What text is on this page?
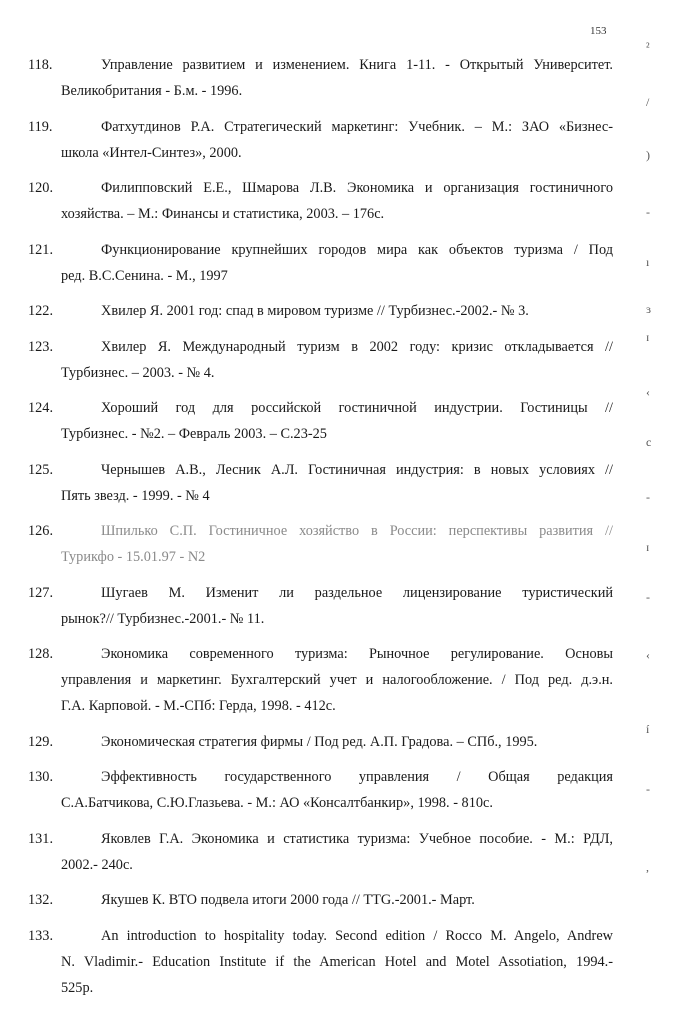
153
118.	Управление развитием и изменением. Книга 1-11. - Открытый Университет.
Великобритания - Б.м. - 1996.
119.	Фатхутдинов Р.А. Стратегический маркетинг: Учебник. – М.: ЗАО «Бизнес-
школа «Интел-Синтез», 2000.
120.	Филипповский Е.Е., Шмарова Л.В. Экономика и организация гостиничного
хозяйства. – М.: Финансы и статистика, 2003. – 176с.
121.	Функционирование крупнейших городов мира как объектов туризма / Под
ред. В.С.Сенина. - М., 1997
122.	Хвилер Я. 2001 год: спад в мировом туризме // Турбизнес.-2002.- № 3.
123.	Хвилер Я. Международный туризм в 2002 году: кризис откладывается //
Турбизнес. – 2003. - № 4.
124.	Хороший год для российской гостиничной индустрии. Гостиницы //
Турбизнес. - №2. – Февраль 2003. – С.23-25
125.	Чернышев А.В., Лесник А.Л. Гостиничная индустрия: в новых условиях //
Пять звезд. - 1999. - № 4
126.	Шпилько С.П. Гостиничное хозяйство в России: перспективы развития //
Турикфо - 15.01.97 - N2
127.	Шугаев М. Изменит ли раздельное лицензирование туристический
рынок?// Турбизнес.-2001.- № 11.
128.	Экономика современного туризма: Рыночное регулирование. Основы
управления и маркетинг. Бухгалтерский учет и налогообложение. / Под ред. д.э.н.
Г.А. Карповой. - М.-СПб: Герда, 1998. - 412с.
129.	Экономическая стратегия фирмы / Под ред. А.П. Градова. – СПб., 1995.
130.	Эффективность государственного управления / Общая редакция
С.А.Батчикова, С.Ю.Глазьева. - М.: АО «Консалтбанкир», 1998. - 810с.
131.	Яковлев Г.А. Экономика и статистика туризма: Учебное пособие. - М.: РДЛ,
2002.- 240с.
132.	Якушев К. ВТО подвела итоги 2000 года // TTG.-2001.- Март.
133.	An introduction to hospitality today. Second edition / Rocco M. Angelo, Andrew
N. Vladimir.- Education Institute if the American Hotel and Motel Assotiation, 1994.-
525p.
²
/
)
-
ı
ɜ
ɪ
‹
c
-
ɪ
-
‹
í
-
,
